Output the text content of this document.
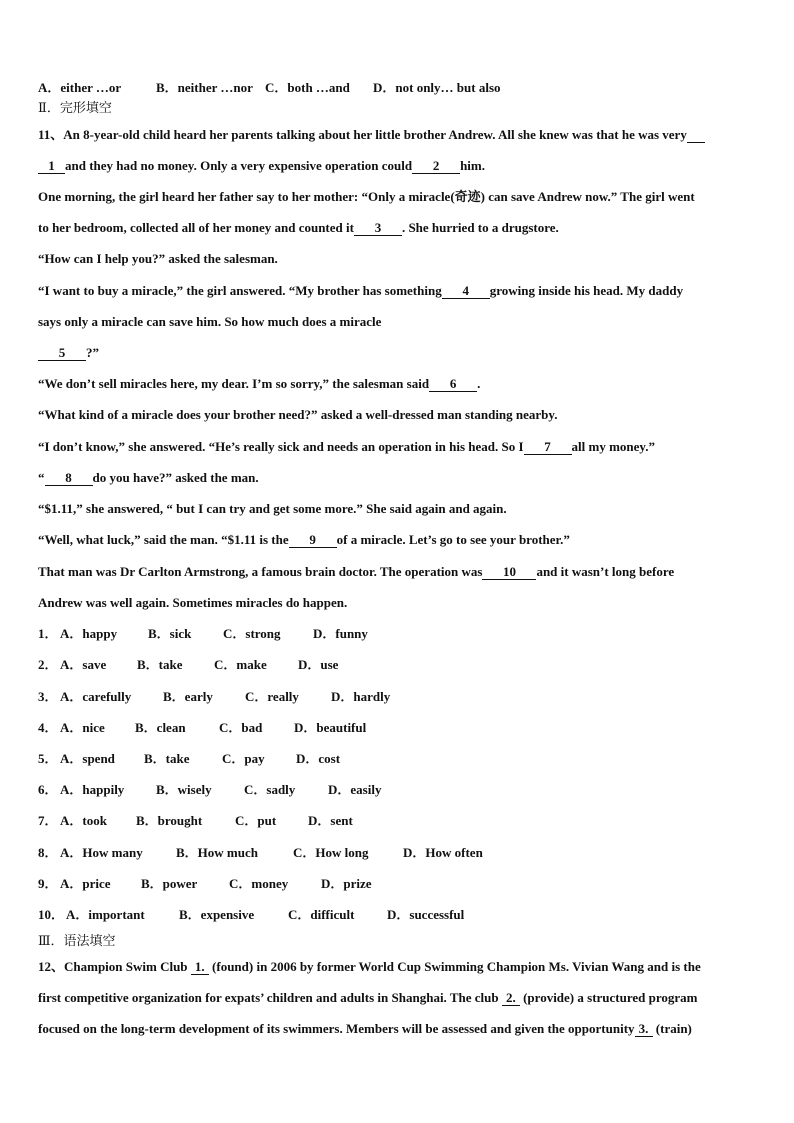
A．either …or	B．neither …nor C．both …and D．not only… but also
Ⅱ．完形填空
11、An 8-year-old child heard her parents talking about her little brother Andrew. All she knew was that he was very
1 and they had no money. Only a very expensive operation could 2 him.
One morning, the girl heard her father say to her mother: “Only a miracle(奇迹) can save Andrew now.” The girl went
to her bedroom, collected all of her money and counted it 3 . She hurried to a drugstore.
“How can I help you?” asked the salesman.
“I want to buy a miracle,” the girl answered. “My brother has something 4 growing inside his head. My daddy
says only a miracle can save him. So how much does a miracle
5 ?”
“We don’t sell miracles here, my dear. I’m so sorry,” the salesman said 6 .
“What kind of a miracle does your brother need?” asked a well-dressed man standing nearby.
“I don’t know,” she answered. “He’s really sick and needs an operation in his head. So I 7 all my money.”
“ 8 do you have?” asked the man.
“$1.11,” she answered, “ but I can try and get some more.” She said again and again.
“Well, what luck,” said the man. “$1.11 is the 9 of a miracle. Let’s go to see your brother.”
That man was Dr Carlton Armstrong, a famous brain doctor. The operation was 10 and it wasn’t long before
Andrew was well again. Sometimes miracles do happen.
1． A．happy B．sick C．strong D．funny
2． A．save B．take C．make D．use
3． A．carefully B．early C．really D．hardly
4． A．nice B．clean	C．bad D．beautiful
5． A．spend B．take C．pay D．cost
6． A．happily B．wisely C．sadly	D．easily
7． A．took B．brought	C．put D．sent
8． A．How many	B．How much	C．How long	D．How often
9． A．price B．power C．money	D．prize
10． A．important	B．expensive	C．difficult	D．successful
Ⅲ．语法填空
12、Champion Swim Club 1. (found) in 2006 by former World Cup Swimming Champion Ms. Vivian Wang and is the
first competitive organization for expats’ children and adults in Shanghai. The club 2. (provide) a structured program
focused on the long-term development of its swimmers. Members will be assessed and given the opportunity 3. (train)
